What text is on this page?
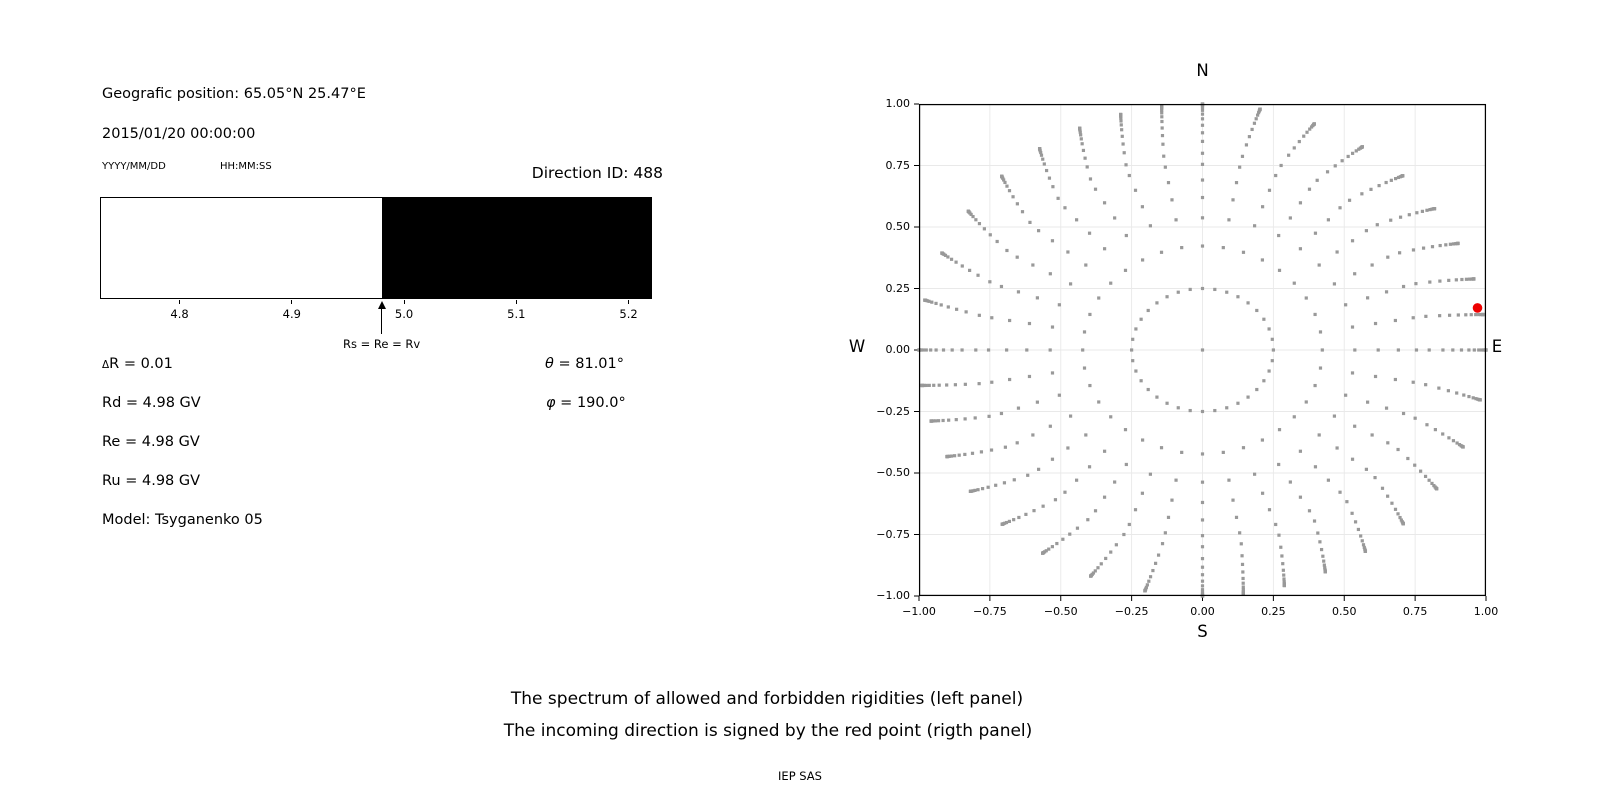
Geografic position: 65.05°N 25.47°E
2015/01/20 00:00:00
YYYY/MM/DD	HH:MM:SS	Direction ID: 488
4.8	4.9	5.0	5.1	5.2
Rs = Re = Rv
ΔR = 0.01
Rd = 4.98 GV
Re = 4.98 GV
Ru = 4.98 GV
Model: Tsyganenko 05
θ = 81.01°
φ = 190.0°
N
S
W	E
−1.00	−0.75	−0.50	−0.25	0.00	0.25	0.50	0.75	1.00
1.00
0.75
0.50
0.25
0.00
−0.25
−0.50
−0.75
−1.00
The spectrum of allowed and forbidden rigidities (left panel)
The incoming direction is signed by the red point (rigth panel)
IEP SAS
